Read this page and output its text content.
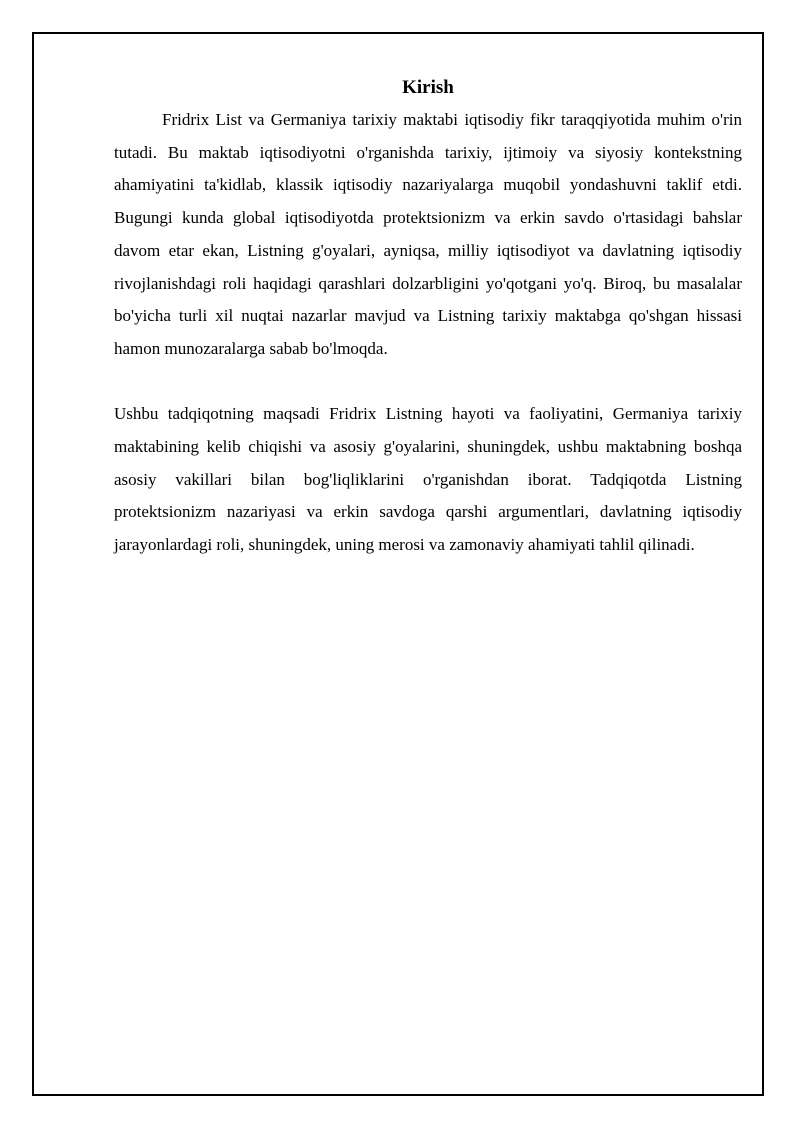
Kirish

Fridrix List va Germaniya tarixiy maktabi iqtisodiy fikr taraqqiyotida muhim o'rin tutadi. Bu maktab iqtisodiyotni o'rganishda tarixiy, ijtimoiy va siyosiy kontekstning ahamiyatini ta'kidlab, klassik iqtisodiy nazariyalarga muqobil yondashuvni taklif etdi. Bugungi kunda global iqtisodiyotda protektsionizm va erkin savdo o'rtasidagi bahslar davom etar ekan, Listning g'oyalari, ayniqsa, milliy iqtisodiyot va davlatning iqtisodiy rivojlanishdagi roli haqidagi qarashlari dolzarbligini yo'qotgani yo'q. Biroq, bu masalalar bo'yicha turli xil nuqtai nazarlar mavjud va Listning tarixiy maktabga qo'shgan hissasi hamon munozaralarga sabab bo'lmoqda.

Ushbu tadqiqotning maqsadi Fridrix Listning hayoti va faoliyatini, Germaniya tarixiy maktabining kelib chiqishi va asosiy g'oyalarini, shuningdek, ushbu maktabning boshqa asosiy vakillari bilan bog'liqliklarini o'rganishdan iborat. Tadqiqotda Listning protektsionizm nazariyasi va erkin savdoga qarshi argumentlari, davlatning iqtisodiy jarayonlardagi roli, shuningdek, uning merosi va zamonaviy ahamiyati tahlil qilinadi.
